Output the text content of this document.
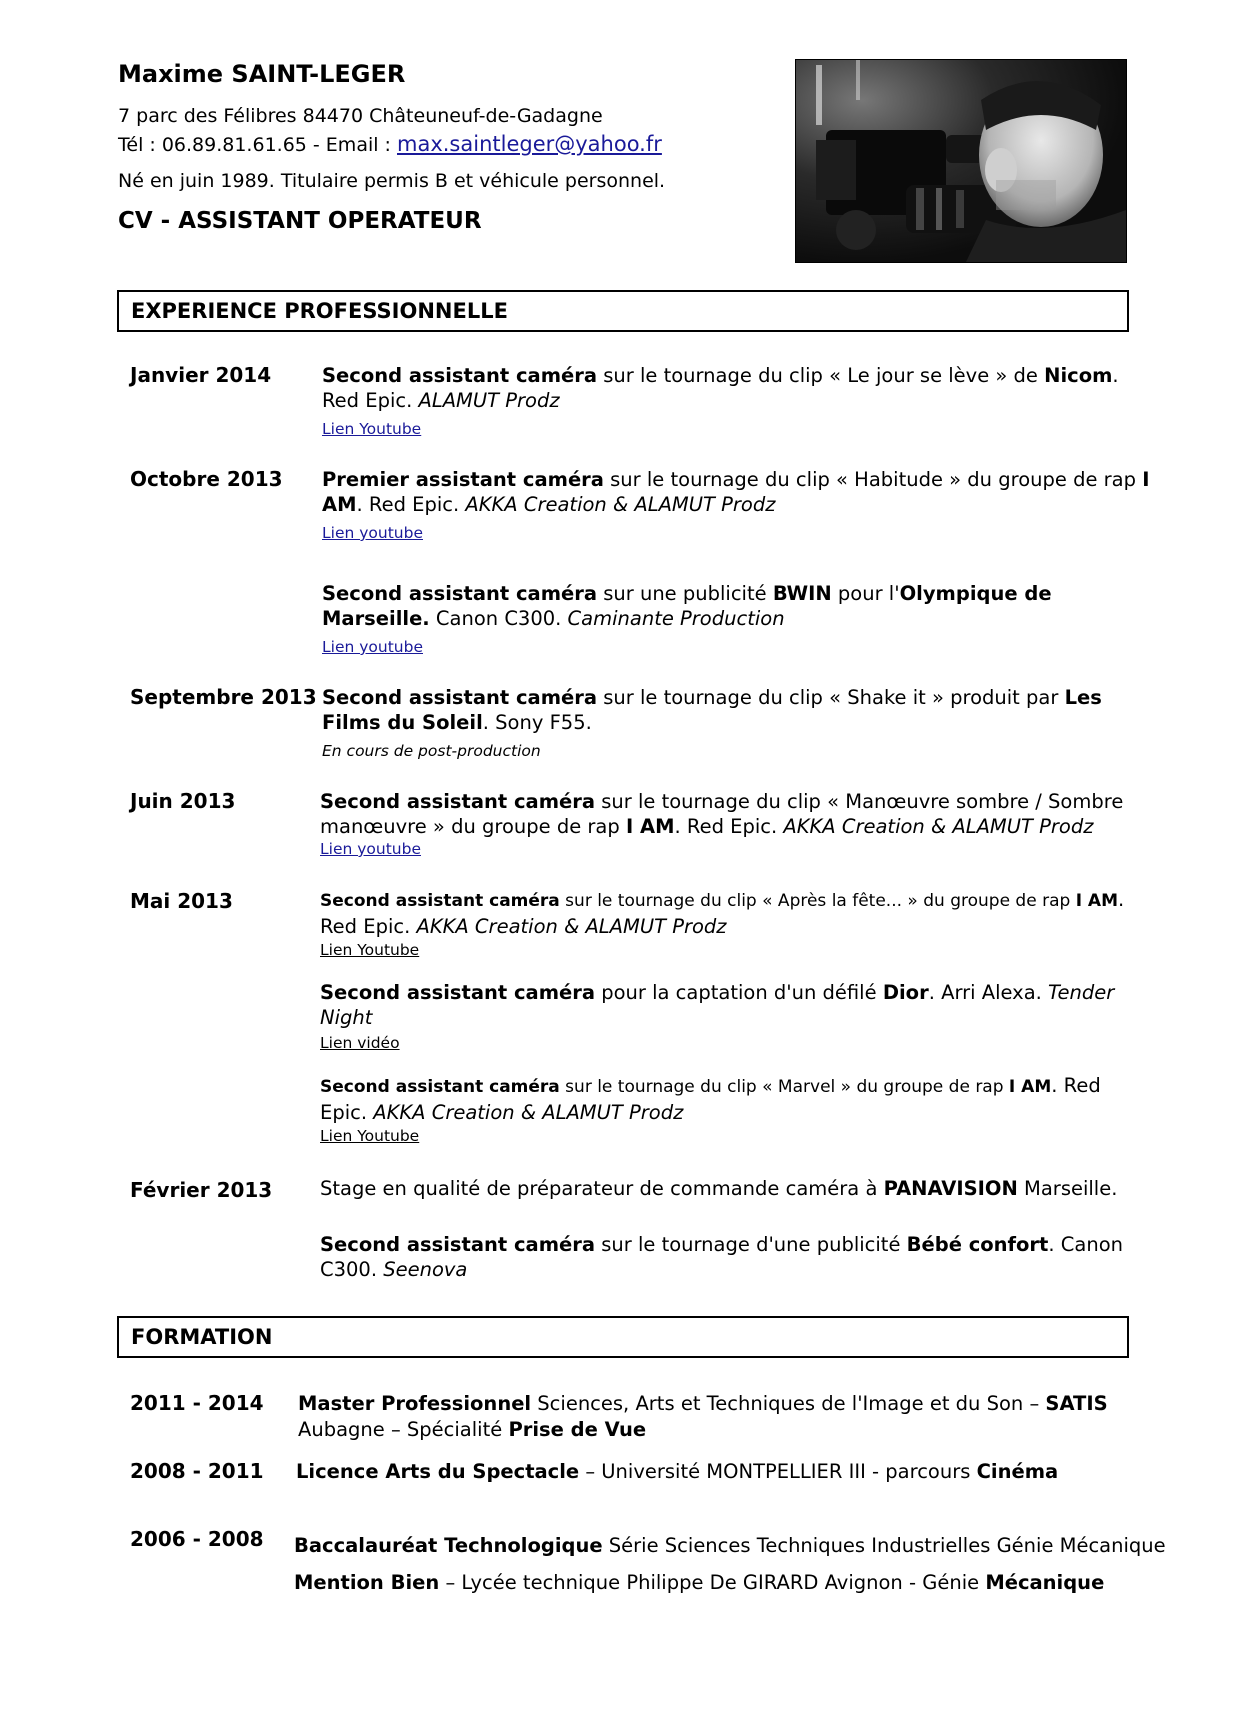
Maxime SAINT-LEGER
7 parc des Félibres 84470 Châteuneuf-de-Gadagne
Tél : 06.89.81.61.65 - Email : max.saintleger@yahoo.fr
Né en juin 1989. Titulaire permis B et véhicule personnel.
CV - ASSISTANT OPERATEUR
EXPERIENCE PROFESSIONNELLE
Janvier 2014	Second assistant caméra sur le tournage du clip « Le jour se lève » de Nicom.
Red Epic. ALAMUT Prodz
Lien Youtube
Octobre 2013 Premier assistant caméra sur le tournage du clip « Habitude » du groupe de rap I
AM. Red Epic. AKKA Creation & ALAMUT Prodz
Lien youtube
Second assistant caméra sur une publicité BWIN pour l'Olympique de
Marseille. Canon C300. Caminante Production
Lien youtube
Septembre 2013 Second assistant caméra sur le tournage du clip « Shake it » produit par Les
Films du Soleil. Sony F55.
En cours de post-production
Juin 2013	Second assistant caméra sur le tournage du clip « Manœuvre sombre / Sombre
manœuvre » du groupe de rap I AM. Red Epic. AKKA Creation & ALAMUT Prodz
Lien youtube
Mai 2013	Second assistant caméra sur le tournage du clip « Après la fête... » du groupe de rap I AM.
Red Epic. AKKA Creation & ALAMUT Prodz
Lien Youtube
Second assistant caméra pour la captation d'un défilé Dior. Arri Alexa. Tender
Night
Lien vidéo
Second assistant caméra sur le tournage du clip « Marvel » du groupe de rap I AM. Red
Epic. AKKA Creation & ALAMUT Prodz
Lien Youtube
Février 2013 Stage en qualité de préparateur de commande caméra à PANAVISION Marseille.
Second assistant caméra sur le tournage d'une publicité Bébé confort. Canon
C300. Seenova
FORMATION
2011 - 2014 Master Professionnel Sciences, Arts et Techniques de l'Image et du Son – SATIS
Aubagne – Spécialité Prise de Vue
2008 - 2011 Licence Arts du Spectacle – Université MONTPELLIER III - parcours Cinéma
2006 - 2008 Baccalauréat Technologique Série Sciences Techniques Industrielles Génie Mécanique
Mention Bien – Lycée technique Philippe De GIRARD Avignon - Génie Mécanique
